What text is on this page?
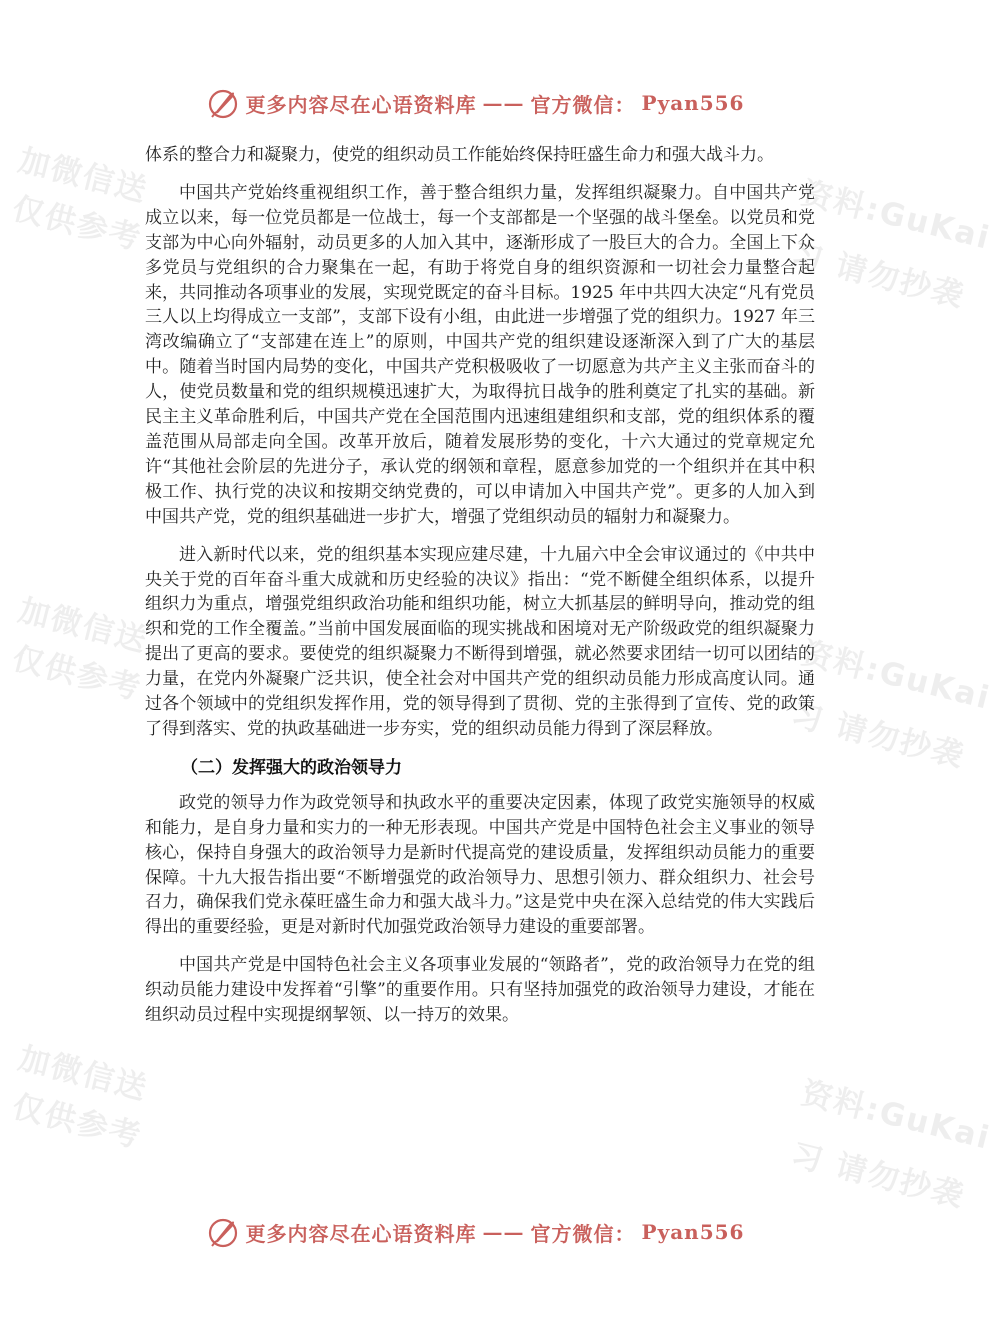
加微信送
仅供参考	资料:GuKai
习 请勿抄袭
加微信送
仅供参考	资料:GuKai
习 请勿抄袭
加微信送
仅供参考	资料:GuKai
习 请勿抄袭
更多内容尽在心语资料库 —— 官方微信： Pyan556

体系的整合力和凝聚力，使党的组织动员工作能始终保持旺盛生命力和强大战斗力。

中国共产党始终重视组织工作，善于整合组织力量，发挥组织凝聚力。自中国共产党成立以来，每一位党员都是一位战士，每一个支部都是一个坚强的战斗堡垒。以党员和党支部为中心向外辐射，动员更多的人加入其中，逐渐形成了一股巨大的合力。全国上下众多党员与党组织的合力聚集在一起，有助于将党自身的组织资源和一切社会力量整合起来，共同推动各项事业的发展，实现党既定的奋斗目标。1925 年中共四大决定“凡有党员三人以上均得成立一支部”，支部下设有小组，由此进一步增强了党的组织力。1927 年三湾改编确立了“支部建在连上”的原则，中国共产党的组织建设逐渐深入到了广大的基层中。随着当时国内局势的变化，中国共产党积极吸收了一切愿意为共产主义主张而奋斗的人，使党员数量和党的组织规模迅速扩大，为取得抗日战争的胜利奠定了扎实的基础。新民主主义革命胜利后，中国共产党在全国范围内迅速组建组织和支部，党的组织体系的覆盖范围从局部走向全国。改革开放后，随着发展形势的变化，十六大通过的党章规定允许“其他社会阶层的先进分子，承认党的纲领和章程，愿意参加党的一个组织并在其中积极工作、执行党的决议和按期交纳党费的，可以申请加入中国共产党”。更多的人加入到中国共产党，党的组织基础进一步扩大，增强了党组织动员的辐射力和凝聚力。

进入新时代以来，党的组织基本实现应建尽建，十九届六中全会审议通过的《中共中央关于党的百年奋斗重大成就和历史经验的决议》指出：“党不断健全组织体系，以提升组织力为重点，增强党组织政治功能和组织功能，树立大抓基层的鲜明导向，推动党的组织和党的工作全覆盖。”当前中国发展面临的现实挑战和困境对无产阶级政党的组织凝聚力提出了更高的要求。要使党的组织凝聚力不断得到增强，就必然要求团结一切可以团结的力量，在党内外凝聚广泛共识，使全社会对中国共产党的组织动员能力形成高度认同。通过各个领域中的党组织发挥作用，党的领导得到了贯彻、党的主张得到了宣传、党的政策了得到落实、党的执政基础进一步夯实，党的组织动员能力得到了深层释放。

（二）发挥强大的政治领导力

政党的领导力作为政党领导和执政水平的重要决定因素，体现了政党实施领导的权威和能力，是自身力量和实力的一种无形表现。中国共产党是中国特色社会主义事业的领导核心，保持自身强大的政治领导力是新时代提高党的建设质量，发挥组织动员能力的重要保障。十九大报告指出要“不断增强党的政治领导力、思想引领力、群众组织力、社会号召力，确保我们党永葆旺盛生命力和强大战斗力。”这是党中央在深入总结党的伟大实践后得出的重要经验，更是对新时代加强党政治领导力建设的重要部署。

中国共产党是中国特色社会主义各项事业发展的“领路者”，党的政治领导力在党的组织动员能力建设中发挥着“引擎”的重要作用。只有坚持加强党的政治领导力建设，才能在组织动员过程中实现提纲挈领、以一持万的效果。

更多内容尽在心语资料库 —— 官方微信： Pyan556
